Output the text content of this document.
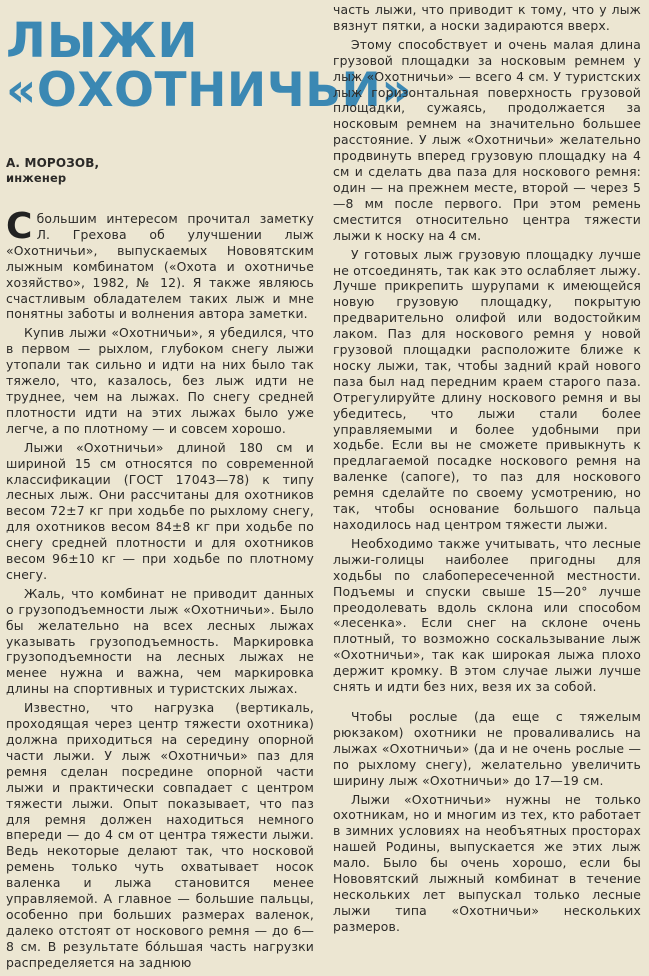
ЛЫЖИ
«ОХОТНИЧЬИ»
А. МОРОЗОВ,
инженер

С большим интересом прочитал заметку Л. Грехова об улучшении лыж «Охотничьи», выпускаемых Нововятским лыжным комбинатом («Охота и охотничье хозяйство», 1982, № 12). Я также являюсь счастливым обладателем таких лыж и мне понятны заботы и волнения автора заметки.

Купив лыжи «Охотничьи», я убедился, что в первом — рыхлом, глубоком снегу лыжи утопали так сильно и идти на них было так тяжело, что, казалось, без лыж идти не труднее, чем на лыжах. По снегу средней плотности идти на этих лыжах было уже легче, а по плотному — и совсем хорошо.

Лыжи «Охотничьи» длиной 180 см и шириной 15 см относятся по современной классификации (ГОСТ 17043—78) к типу лесных лыж. Они рассчитаны для охотников весом 72±7 кг при ходьбе по рыхлому снегу, для охотников весом 84±8 кг при ходьбе по снегу средней плотности и для охотников весом 96±10 кг — при ходьбе по плотному снегу.

Жаль, что комбинат не приводит данных о грузоподъемности лыж «Охотничьи». Было бы желательно на всех лесных лыжах указывать грузоподъемность. Маркировка грузоподъемности на лесных лыжах не менее нужна и важна, чем маркировка длины на спортивных и туристских лыжах.

Известно, что нагрузка (вертикаль, проходящая через центр тяжести охотника) должна приходиться на середину опорной части лыжи. У лыж «Охотничьи» паз для ремня сделан посредине опорной части лыжи и практически совпадает с центром тяжести лыжи. Опыт показывает, что паз для ремня должен находиться немного впереди — до 4 см от центра тяжести лыжи. Ведь некоторые делают так, что носковой ремень только чуть охватывает носок валенка и лыжа становится менее управляемой. А главное — большие пальцы, особенно при больших размерах валенок, далеко отстоят от носкового ремня — до 6—8 см. В результате бо́льшая часть нагрузки распределяется на заднюю

часть лыжи, что приводит к тому, что у лыж вязнут пятки, а носки задираются вверх.

Этому способствует и очень малая длина грузовой площадки за носковым ремнем у лыж «Охотничьи» — всего 4 см. У туристских лыж горизонтальная поверхность грузовой площадки, сужаясь, продолжается за носковым ремнем на значительно большее расстояние. У лыж «Охотничьи» желательно продвинуть вперед грузовую площадку на 4 см и сделать два паза для носкового ремня: один — на прежнем месте, второй — через 5—8 мм после первого. При этом ремень сместится относительно центра тяжести лыжи к носку на 4 см.

У готовых лыж грузовую площадку лучше не отсоединять, так как это ослабляет лыжу. Лучше прикрепить шурупами к имеющейся новую грузовую площадку, покрытую предварительно олифой или водостойким лаком. Паз для носкового ремня у новой грузовой площадки расположите ближе к носку лыжи, так, чтобы задний край нового паза был над передним краем старого паза. Отрегулируйте длину носкового ремня и вы убедитесь, что лыжи стали более управляемыми и более удобными при ходьбе. Если вы не сможете привыкнуть к предлагаемой посадке носкового ремня на валенке (сапоге), то паз для носкового ремня сделайте по своему усмотрению, но так, чтобы основание большого пальца находилось над центром тяжести лыжи.

Необходимо также учитывать, что лесные лыжи-голицы наиболее пригодны для ходьбы по слабопересеченной местности. Подъемы и спуски свыше 15—20° лучше преодолевать вдоль склона или способом «лесенка». Если снег на склоне очень плотный, то возможно соскальзывание лыж «Охотничьи», так как широкая лыжа плохо держит кромку. В этом случае лыжи лучше снять и идти без них, везя их за собой.

Чтобы рослые (да еще с тяжелым рюкзаком) охотники не проваливались на лыжах «Охотничьи» (да и не очень рослые — по рыхлому снегу), желательно увеличить ширину лыж «Охотничьи» до 17—19 см.

Лыжи «Охотничьи» нужны не только охотникам, но и многим из тех, кто работает в зимних условиях на необъятных просторах нашей Родины, выпускается же этих лыж мало. Было бы очень хорошо, если бы Нововятский лыжный комбинат в течение нескольких лет выпускал только лесные лыжи типа «Охотничьи» нескольких размеров.
